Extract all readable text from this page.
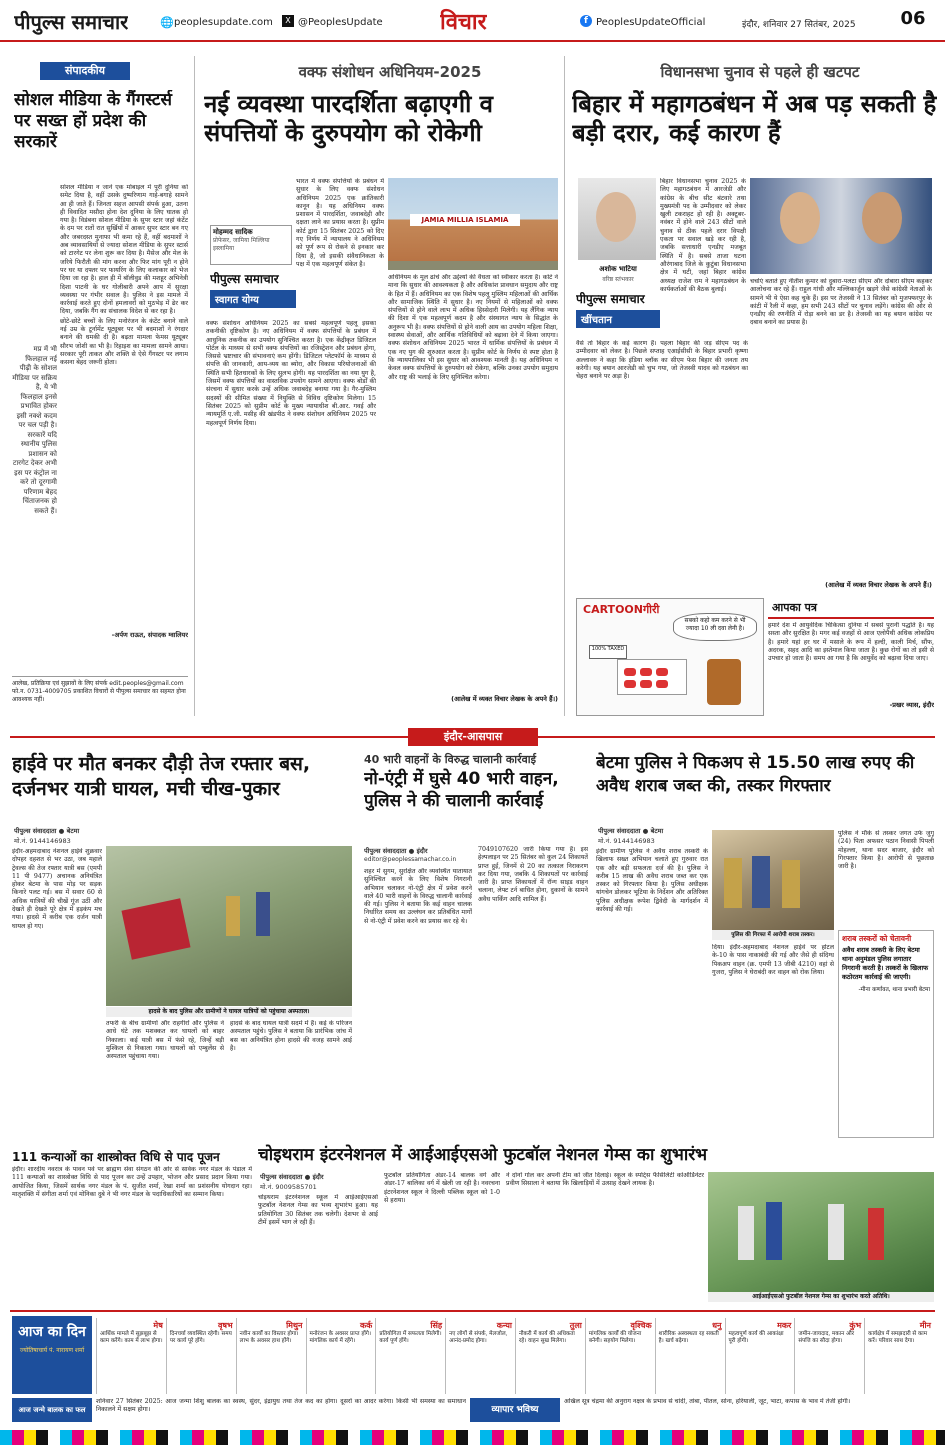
पीपुल्स समाचार	🌐 peoplesupdate.com	X @PeoplesUpdate	विचार	f PeoplesUpdateOfficial	इंदौर, शनिवार 27 सितंबर, 2025	06
संपादकीय
सोशल मीडिया के गैंगस्टर्स पर सख्त हों प्रदेश की सरकारें

सोशल मीडिया न जाने एक मोबाइल में पूरी दुनिया को समेट दिया है, वहीं उसके दुष्परिणाम गाहे-बगाहे सामने आ ही जाते हैं। जिनता सहज आपसी संपर्क हुआ, उतना ही विवादित मसौदा होना देश दुनिया के लिए घातक हो गया है। विडंबना सोशल मीडिया के सुपर स्टार जहां कंटेंट के दम पर रातों रात सुर्खियों में आकर सुपर स्टार बन गए और जबरदस्त मुनाफा भी कमा रहे हैं, वहीं बदमाशों ने अब व्यावसायियों से ज्यादा सोशल मीडिया के सुपर स्टार्स को टारगेट पर लेना शुरू कर दिया है। मैसेज और मेल के जरिये फिरौती की मांग करना और फिर मांग पूरी न होने पर घर या दफ्तर पर फायरिंग के लिए कलाकार को भेज दिया जा रहा है। हाल ही में बॉलीवुड की मशहूर अभिनेत्री दिशा पाटनी के घर गोलीबारी अपने आप में सुरक्षा व्यवस्था पर गंभीर सवाल है। पुलिस ने इस मामले में कार्रवाई करते हुए दोनों हमलावरों को मुठभेड़ में ढेर कर दिया, जबकि गैंग का संचालक विदेश से कर रहा है।

छोटे-छोटे बच्चों के लिए मनोरंजन के कंटेंट बनाने वाले नई उम्र के टूर्नामेंट यूट्यूबर पर भी बदमाशों ने रंगदार बनाने की धमकी दी है। बढ़ता मामला फेमस यूट्यूबर सौरभ जोशी का भी है। रिहाइश का मामला सामने आया। सरकार पूरी ताकत और शक्ति से ऐसे गैंगस्टर पर लगाम कसना बेहद जरूरी होता।

मप्र में भी फिलहाल नई पीढ़ी के सोशल मीडिया पर सक्रिय है, ये भी फिलहाल इनसे प्रभावित होकर इसी नक्शे कदम पर चल पड़ी है। सरकारें यदि स्थानीय पुलिस प्रशासन को टारगेट देकर अभी इस पर कंट्रोल ना करे तो दूरगामी परिणाम बेहद चिंताजनक हो सकते हैं।
-अर्पण राऊत, संपादक ग्वालियर
आलेख, प्रतिक्रिया एवं सुझावों के लिए संपर्क edit.peoples@gmail.com फो.न. 0731-4009705 प्रकाशित विचारों से पीपुल्स समाचार का सहमत होना आवश्यक नहीं।
वक्फ संशोधन अधिनियम-2025
नई व्यवस्था पारदर्शिता बढ़ाएगी व संपत्तियों के दुरुपयोग को रोकेगी
भारत में वक्फ संपत्तियों के प्रबंधन में सुधार के लिए वक्फ संशोधन अधिनियम 2025 एक क्रांतिकारी कानून है। यह अधिनियम वक्फ प्रशासन में पारदर्शिता, जवाबदेही और दक्षता लाने का प्रयास करता है। सुप्रीम कोर्ट द्वारा 15 सितंबर 2025 को दिए गए निर्णय में न्यायालय ने अधिनियम को पूर्ण रूप से रोकने से इनकार कर दिया है, जो इसकी संवैधानिकता के पक्ष में एक महत्वपूर्ण संकेत है।
मोहम्मद सादिक
प्रोफेसर, जामिया मिल्लिया इस्लामिया
पीपुल्स समाचार
स्वागत योग्य
JAMIA MILLIA ISLAMIA
वक्फ संशोधन अधिनियम 2025 का सबसे महत्वपूर्ण पहलू इसका तकनीकी दृष्टिकोण है। नए अधिनियम में वक्फ संपत्तियों के प्रबंधन में आधुनिक तकनीक का उपयोग सुनिश्चित करता है। एक केंद्रीकृत डिजिटल पोर्टल के माध्यम से सभी वक्फ संपत्तियों का रजिस्ट्रेशन और प्रबंधन होगा, जिससे भ्रष्टाचार की संभावनाएं कम होंगी। डिजिटल प्लेटफॉर्म के माध्यम से संपत्ति की जानकारी, आय-व्यय का ब्योरा, और विकास परियोजनाओं की स्थिति सभी हितधारकों के लिए सुलभ होगी। यह पारदर्शिता का नया युग है, जिसमें वक्फ संपत्तियों का वास्तविक उपयोग सामने आएगा। वक्फ बोर्डों की संरचना में सुधार करके उन्हें अधिक जवाबदेह बनाया गया है। गैर-मुस्लिम सदस्यों की सीमित संख्या में नियुक्ति से विविध दृष्टिकोण मिलेगा। 15 सितंबर 2025 को सुप्रीम कोर्ट के मुख्य न्यायाधीश बी.आर. गवई और न्यायमूर्ति ए.जी. मसीह की खंडपीठ ने वक्फ संशोधन अधिनियम 2025 पर महत्वपूर्ण निर्णय दिया।
अधिनियम के मूल ढांचे और उद्देश्यों की वैधता को स्वीकार करता है। कोर्ट ने माना कि सुधार की आवश्यकता है और अधिकांश प्रावधान समुदाय और राष्ट्र के हित में हैं। अधिनियम का एक विशेष पहलू मुस्लिम महिलाओं की आर्थिक और सामाजिक स्थिति में सुधार है। नए नियमों से महिलाओं को वक्फ संपत्तियों से होने वाले लाभ में अधिक हिस्सेदारी मिलेगी। यह लैंगिक न्याय की दिशा में एक महत्वपूर्ण कदम है और संस्थागत न्याय के सिद्धांत के अनुरूप भी है। वक्फ संपत्तियों से होने वाली आय का उपयोग महिला शिक्षा, स्वास्थ्य सेवाओं, और आर्थिक गतिविधियों को बढ़ावा देने में किया जाएगा। वक्फ संशोधन अधिनियम 2025 भारत में धार्मिक संपत्तियों के प्रबंधन में एक नए युग की शुरुआत करता है। सुप्रीम कोर्ट के निर्णय से स्पष्ट होता है कि न्यायपालिका भी इस सुधार को आवश्यक मानती है। यह अधिनियम न केवल वक्फ संपत्तियों के दुरुपयोग को रोकेगा, बल्कि उनका उपयोग समुदाय और राष्ट्र की भलाई के लिए सुनिश्चित करेगा।
(आलेख में व्यक्त विचार लेखक के अपने हैं।)
विधानसभा चुनाव से पहले ही खटपट
बिहार में महागठबंधन में अब पड़ सकती है बड़ी दरार, कई कारण हैं
अशोक भाटिया
वरिष्ठ स्तंभकार
बिहार विधानसभा चुनाव 2025 के लिए महागठबंधन में आरजेडी और कांग्रेस के बीच सीट बंटवारे तथा मुख्यमंत्री पद के उम्मीदवार को लेकर खुली टकराहट हो रही है। अक्टूबर-नवंबर में होने वाले 243 सीटों वाले चुनाव से ठीक पहले दरार विपक्षी एकता पर सवाल खड़े कर रही है, जबकि सत्ताधारी एनडीए मजबूत स्थिति में है। सबसे ताजा घटना औरंगाबाद जिले के कुटुंबा विधानसभा क्षेत्र में घटी, जहां बिहार कांग्रेस अध्यक्ष राजेश राम ने महागठबंधन के कार्यकर्ताओं की बैठक बुलाई।
पीपुल्स समाचार
खींचतान
वैसे तो बिहार के कई कारण हैं। पहला बिहार की जड़ सीएम पद के उम्मीदवार को लेकर है। पिछले सप्ताह एआईसीसी के बिहार प्रभारी कृष्णा अल्लावरु ने कहा कि इंडिया ब्लॉक का सीएम फेस बिहार की जनता तय करेगी। यह बयान आरजेडी को चुभ गया, जो तेजस्वी यादव को गठबंधन का चेहरा बनाने पर अड़ा है।
चर्चाएं बताते हुए नीतीश कुमार को दुबारा-पलटा सीएम और दोबारा सीएम कहकर आलोचना कर रहे हैं। राहुल गांधी और मल्लिकार्जुन खड़गे जैसे कांग्रेसी नेताओं के सामने भी ये ऐसा कह चुके हैं। इस पर तेजस्वी ने 13 सितंबर को मुजफ्फरपुर के कांटी में रैली में कहा, हम सभी 243 सीटों पर चुनाव लड़ेंगे। कांग्रेस की ओर से एनडीए की रणनीति में रोड़ा बनने का डर है। तेजस्वी का यह बयान कांग्रेस पर दबाव बनाने का प्रयास है।
(आलेख में व्यक्त विचार लेखक के अपने हैं।)
CARTOONगीरी
सबको कहो कम करने से भी ज्यादा 10 ली दवा लेनी है।
100% TAXED
आपका पत्र
हमारे देश में आयुर्वेदिक चिकित्सा दुनिया में सबसे पुरानी पद्धति है। यह सस्ता और सुरक्षित है। मगर कई वजहों से आज एलोपैथी अधिक लोकप्रिय है। हमारे यहां हर घर में मसाले के रूप में हल्दी, काली मिर्च, सौंफ, अदरक, सहद आदि का इस्तेमाल किया जाता है। कुछ रोगों का तो इसी से उपचार हो जाता है। समय आ गया है कि आयुर्वेद को बढ़ावा दिया जाए।
-प्रखर व्यास, इंदौर
इंदौर-आसपास
हाईवे पर मौत बनकर दौड़ी तेज रफ्तार बस, दर्जनभर यात्री घायल, मची चीख-पुकार
पीपुल्स संवाददाता ● बेटमा
मो.नं. 9144146983
इंदौर-अहमदाबाद नेशनल हाईवे शुक्रवार दोपहर दहशत से भर उठा, जब महाले ट्रेवल्स की तेज रफ्तार यात्री बस (एमपी 11 पी 9477) अचानक अनियंत्रित होकर बेटमा के पास मोड़ पर सड़क किनारे पलट गई। बस में सवार 60 से अधिक यात्रियों की चीखें गूंज उठीं और देखते ही देखते पूरे क्षेत्र में हड़कंप मच गया। हादसे में करीब एक दर्जन यात्री घायल हो गए।
हादसे के बाद पुलिस और ग्रामीणों ने घायल यात्रियों को पहुंचाया अस्पताल।
तफरी के बीच ग्रामीणों और राहगीरों और पुलिस ने आधे घंटे तक मशक्कत कर घायलों को बाहर निकाला। कई यात्री बस में फंसे रहे, जिन्हें बड़ी मुश्किल से निकाला गया। घायलों को एम्बुलेंस से अस्पताल पहुंचाया गया।
हादसे के बाद घायल यात्री सदमे में हैं। कई के परिजन अस्पताल पहुंचे। पुलिस ने बताया कि प्रारंभिक जांच में बस का अनियंत्रित होना हादसे की वजह सामने आई है।
40 भारी वाहनों के विरुद्ध चालानी कार्रवाई
नो-एंट्री में घुसे 40 भारी वाहन, पुलिस ने की चालानी कार्रवाई
पीपुल्स संवाददाता ● इंदौर
editor@peoplessamachar.co.in
शहर में सुगम, सुरक्षित और व्यवस्थित यातायात सुनिश्चित करने के लिए विशेष निगरानी अभियान चलाकर नो-एंट्री क्षेत्र में प्रवेश करने वाले 40 भारी वाहनों के विरुद्ध चालानी कार्रवाई की गई। पुलिस ने बताया कि कई वाहन चालक निर्धारित समय का उल्लंघन कर प्रतिबंधित मार्गों से नो-एंट्री में प्रवेश करने का प्रयास कर रहे थे।
7049107620 जारी किया गया है। इस हेल्पलाइन पर 25 सितंबर को कुल 24 शिकायतें प्राप्त हुईं, जिनमें से 20 का तत्काल निराकरण कर दिया गया, जबकि 4 शिकायतों पर कार्रवाई जारी है। प्राप्त शिकायतों में रॉन्ग साइड वाहन चलाना, लेफ्ट टर्न बाधित होना, दुकानों के सामने अवैध पार्किंग आदि शामिल हैं।
बेटमा पुलिस ने पिकअप से 15.50 लाख रुपए की अवैध शराब जब्त की, तस्कर गिरफ्तार
पीपुल्स संवाददाता ● बेटमा
मो.नं. 9144146983
पुलिस ने मौके से तस्कर जगत उर्फ जुगू (24) पिता अफसर पठान निवासी पिपली मोहल्ला, थाना सदर बाजार, इंदौर को गिरफ्तार किया है। आरोपी से पूछताछ जारी है।
पुलिस की गिरफ्त में आरोपी शराब तस्कर।
इंदौर ग्रामीण पुलिस ने अवैध शराब तस्करी के खिलाफ सख्त अभियान चलाते हुए गुरुवार रात एक और बड़ी सफलता दर्ज की है। पुलिस ने करीब 15 लाख की अवैध शराब जब्त कर एक तस्कर को गिरफ्तार किया है। पुलिस अधीक्षक यांगचेन डोलकर भूटिया के निर्देशन और अतिरिक्त पुलिस अधीक्षक रूपेश द्विवेदी के मार्गदर्शन में कार्रवाई की गई।
दिया। इंदौर-अहमदाबाद नेशनल हाईवे पर होटल के-10 के पास नाकाबंदी की गई और जैसे ही संदिग्ध पिकअप वाहन (क्र. एमपी 13 जीबी 4210) वहां से गुजरा, पुलिस ने घेराबंदी कर वाहन को रोक लिया।
शराब तस्करों को चेतावनी
अवैध शराब तस्करी के लिए बेटमा थाना अनुमंडल पुलिस लगातार निगरानी करती है। तस्करों के खिलाफ कठोरतम कार्रवाई की जाएगी।
-मीना कर्णावत, थाना प्रभारी बेटमा
111 कन्याओं का शास्त्रोक्त विधि से पाद पूजन
इंदौर। शारदीय नवरात्र के पावन पर्व पर ब्राह्मण सेवा संगठन की ओर से सार्वक नगर मंडल के पंडाल में 111 कन्याओं का शास्त्रोक्त विधि से पाद पूजन कर उन्हें उपहार, भोजन और प्रसाद प्रदान किया गया। आयोजित किया, जिसमें सार्थक नगर मंडल के पं. सुजीत शर्मा, रेखा शर्मा का प्रशंसनीय योगदान रहा। मातृशक्ति में संगीता शर्मा एवं मोनिका दुबे ने भी नगर मंडल के पदाधिकारियों का सम्मान किया।
चोइथराम इंटरनेशनल में आईआईएसओ फुटबॉल नेशनल गेम्स का शुभारंभ
पीपुल्स संवाददाता ● इंदौर
मो.नं. 9009585701
चोइथराम इंटरनेशनल स्कूल में आईआईएसओ फुटबॉल नेशनल गेम्स का भव्य शुभारंभ हुआ। यह प्रतियोगिता 30 सितंबर तक चलेगी। देशभर से आई टीमें इसमें भाग ले रही हैं।
फुटबॉल प्रतियोगिता अंडर-14 बालक वर्ग और अंडर-17 बालिका वर्ग में खेली जा रही है। नवरचना इंटरनेशनल स्कूल ने दिल्ली पब्लिक स्कूल को 1-0 से हराया।
ने दोनों गोल कर अपनी टीम को जीत दिलाई। स्कूल के स्पोर्ट्स फैसिलिटी कोऑर्डिनेटर प्रवीण सिसाला ने बताया कि खिलाड़ियों में उत्साह देखने लायक है।
आईआईएसओ फुटबॉल नेशनल गेम्स का शुभारंभ करते अतिथि।
आज का दिन
ज्योतिषाचार्य पं. नारायण शर्मा
मेष
आर्थिक मामले में सुझबूझ से काम करेंगे। काम में लाभ होगा।
वृषभ
दिनचर्या व्यवस्थित रहेगी। समय पर कार्य पूरे होंगे।
मिथुन
नवीन कार्यों का विस्तार होगा। लाभ के अवसर हाथ होंगे।
कर्क
मनोरंजन के अवसर प्राप्त होंगे। मांगलिक कार्य में रहेंगे।
सिंह
प्रतियोगिता में सफलता मिलेगी। कार्य पूर्ण होंगे।
कन्या
नए लोगों से संपर्क, मेलजोल, आनंद-प्रमोद होगा।
तुला
नौकरी में कार्य की अधिकता रहे। वाहन सुख मिलेगा।
वृश्चिक
मांगलिक कार्यों की योजना बनेगी। सहयोग मिलेगा।
धनु
शारीरिक अस्वस्थता रह सकती है। खर्च बढ़ेगा।
मकर
महत्वपूर्ण कार्य की आकांक्षा पूरी होगी।
कुंभ
जमीन-जायदाद, मकान और संपत्ति का सौदा होगा।
मीन
कार्यक्षेत्र में समझदारी से काम करें। परिवार साथ देगा।
आज जन्मे बालक का फल
शनिवार 27 सितंबर 2025: आज जन्मा शिशु बालक का स्वस्थ, सुंदर, इंद्रायुध तथा तेज कद का होगा। दूसरों का आदर करेगा। किसी भी समस्या का समाधान निकालने में सक्षम होगा।	व्यापार भविष्य
अखिल सूत्र चंद्रमा की अनुराग नक्षत्र के प्रभाव से चांदी, तांबा, पीतल, सोना, हरियाली, जूट, भाटा, कपास के भाव में तेजी होगी।
